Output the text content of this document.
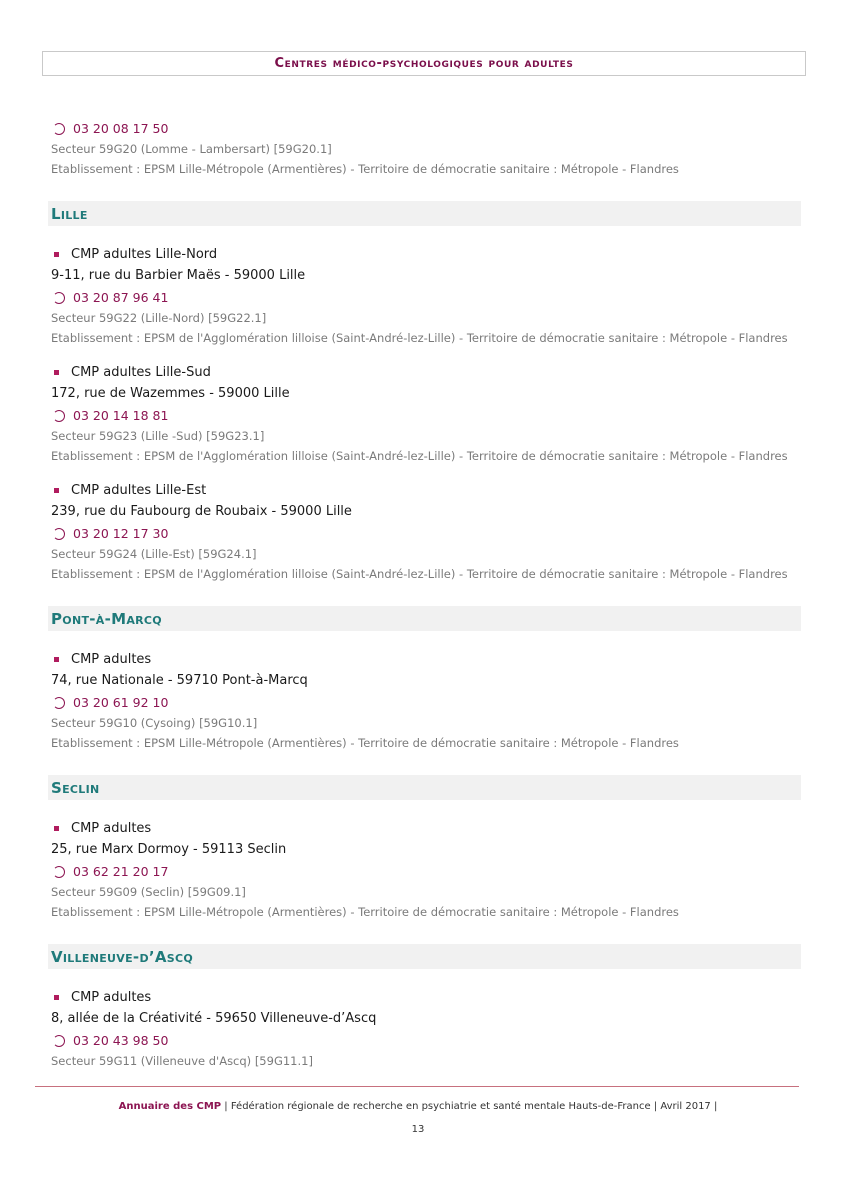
Centres médico-psychologiques pour adultes
03 20 08 17 50
Secteur 59G20 (Lomme - Lambersart) [59G20.1]
Etablissement : EPSM Lille-Métropole (Armentières) - Territoire de démocratie sanitaire : Métropole - Flandres
Lille
CMP adultes Lille-Nord
9-11, rue du Barbier Maës - 59000 Lille
03 20 87 96 41
Secteur 59G22 (Lille-Nord) [59G22.1]
Etablissement : EPSM de l'Agglomération lilloise (Saint-André-lez-Lille) - Territoire de démocratie sanitaire : Métropole - Flandres
CMP adultes Lille-Sud
172, rue de Wazemmes - 59000 Lille
03 20 14 18 81
Secteur 59G23 (Lille -Sud) [59G23.1]
Etablissement : EPSM de l'Agglomération lilloise (Saint-André-lez-Lille) - Territoire de démocratie sanitaire : Métropole - Flandres
CMP adultes Lille-Est
239, rue du Faubourg de Roubaix - 59000 Lille
03 20 12 17 30
Secteur 59G24 (Lille-Est) [59G24.1]
Etablissement : EPSM de l'Agglomération lilloise (Saint-André-lez-Lille) - Territoire de démocratie sanitaire : Métropole - Flandres
Pont-à-Marcq
CMP adultes
74, rue Nationale - 59710 Pont-à-Marcq
03 20 61 92 10
Secteur 59G10 (Cysoing) [59G10.1]
Etablissement : EPSM Lille-Métropole (Armentières) - Territoire de démocratie sanitaire : Métropole - Flandres
Seclin
CMP adultes
25, rue Marx Dormoy - 59113 Seclin
03 62 21 20 17
Secteur 59G09 (Seclin) [59G09.1]
Etablissement : EPSM Lille-Métropole (Armentières) - Territoire de démocratie sanitaire : Métropole - Flandres
Villeneuve-d’Ascq
CMP adultes
8, allée de la Créativité - 59650 Villeneuve-d’Ascq
03 20 43 98 50
Secteur 59G11 (Villeneuve d'Ascq) [59G11.1]
Annuaire des CMP | Fédération régionale de recherche en psychiatrie et santé mentale Hauts-de-France | Avril 2017 |
13
